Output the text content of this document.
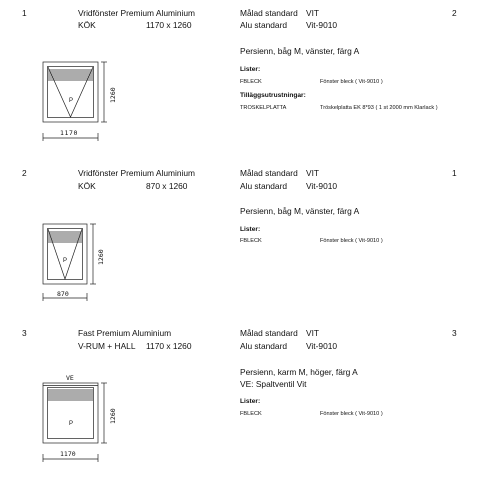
1	Vridfönster Premium Aluminium
KÖK	1170 x 1260
Målad standard VIT
Alu standard Vit-9010
2
Persienn, båg M, vänster, färg A
Lister:
FBLECK	Fönster bleck ( Vit-9010 )
Tilläggsutrustningar:
TROSKELPLATTA	Tröskelplatta EK 8*93 ( 1 st 2000 mm Klarlack )
P
1170
1260
2	Vridfönster Premium Aluminium
KÖK	870 x 1260
Målad standard VIT
Alu standard Vit-9010
1
Persienn, båg M, vänster, färg A
Lister:
FBLECK	Fönster bleck ( Vit-9010 )
P
870
1260
3	Fast Premium Aluminium
V-RUM + HALL 1170 x 1260
Målad standard VIT
Alu standard Vit-9010
3
Persienn, karm M, höger, färg A
VE: Spaltventil Vit
Lister:
FBLECK	Fönster bleck ( Vit-9010 )
VE
P
1170
1260
